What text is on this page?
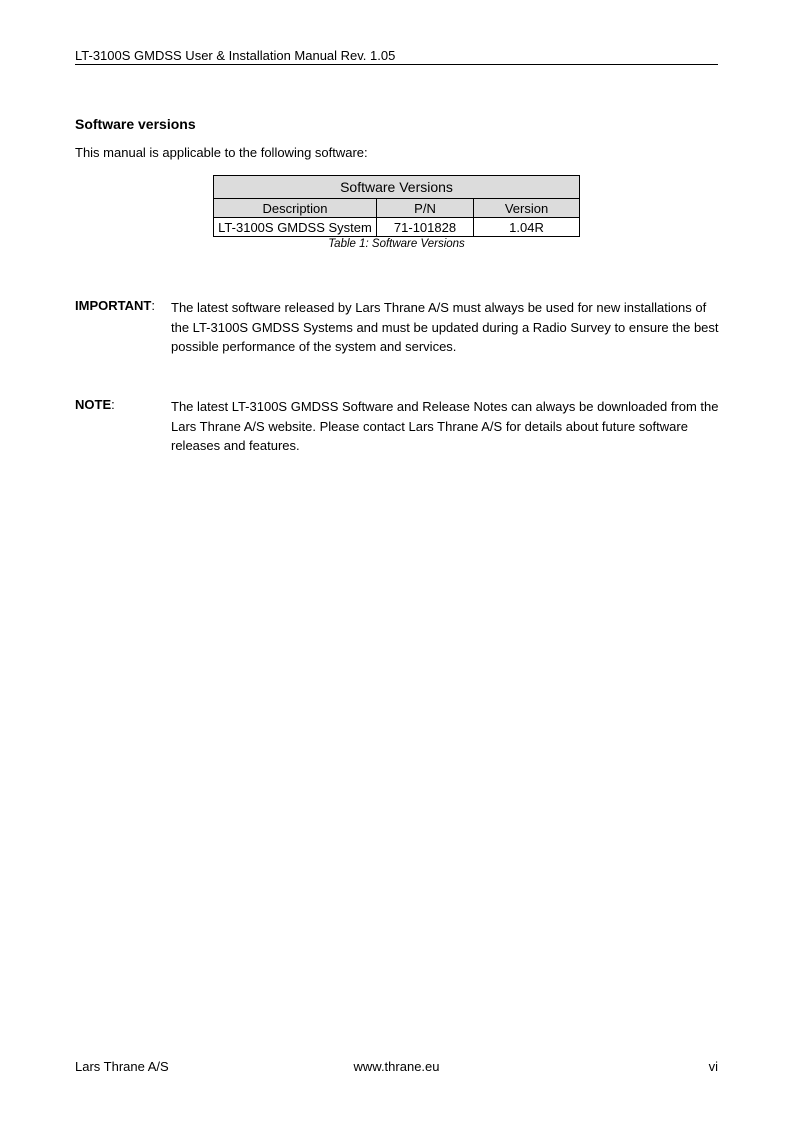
LT-3100S GMDSS User & Installation Manual Rev. 1.05
Software versions
This manual is applicable to the following software:
Software Versions		
Description	P/N	Version
LT-3100S GMDSS System	71-101828	1.04R
Table 1: Software Versions
IMPORTANT: The latest software released by Lars Thrane A/S must always be used for new installations of the LT-3100S GMDSS Systems and must be updated during a Radio Survey to ensure the best possible performance of the system and services.
NOTE:	The latest LT-3100S GMDSS Software and Release Notes can always be downloaded from the Lars Thrane A/S website. Please contact Lars Thrane A/S for details about future software releases and features.
Lars Thrane A/S	www.thrane.eu	vi
